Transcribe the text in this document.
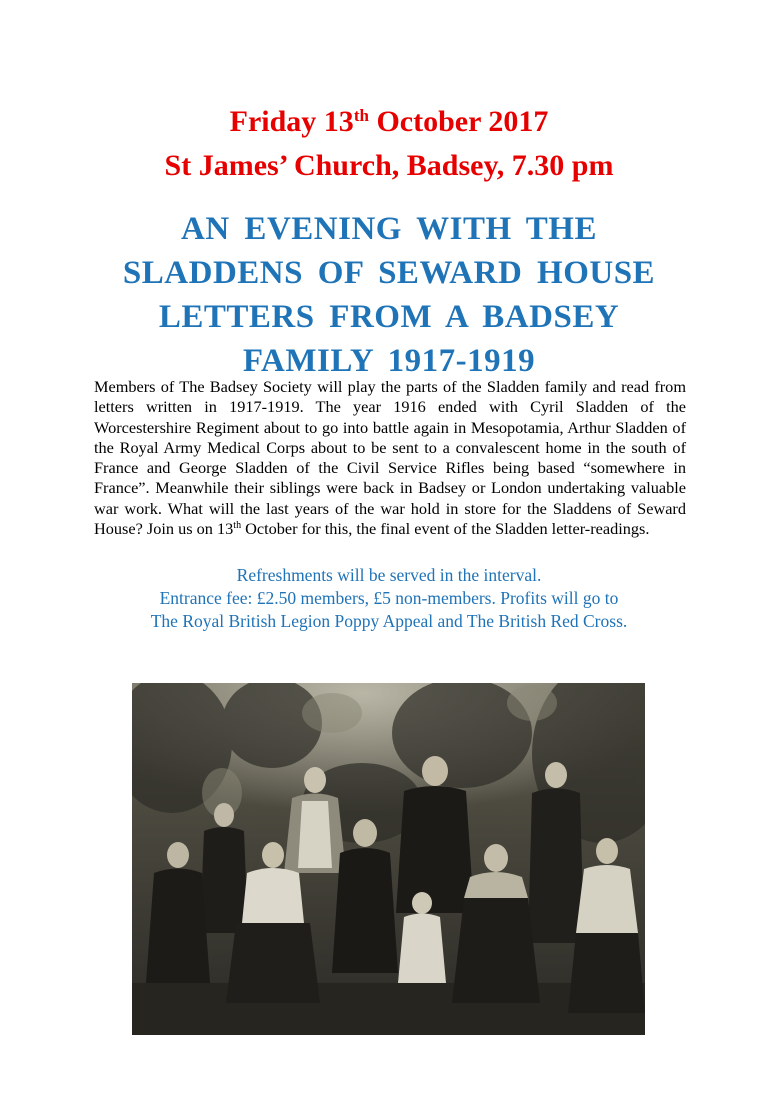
Friday 13th October 2017
St James’ Church, Badsey, 7.30 pm
AN EVENING WITH THE
SLADDENS OF SEWARD HOUSE
LETTERS FROM A BADSEY
FAMILY 1917-1919
Members of The Badsey Society will play the parts of the Sladden family and read from letters written in 1917-1919. The year 1916 ended with Cyril Sladden of the Worcestershire Regiment about to go into battle again in Mesopotamia, Arthur Sladden of the Royal Army Medical Corps about to be sent to a convalescent home in the south of France and George Sladden of the Civil Service Rifles being based “somewhere in France”. Meanwhile their siblings were back in Badsey or London undertaking valuable war work. What will the last years of the war hold in store for the Sladdens of Seward House? Join us on 13th October for this, the final event of the Sladden letter-readings.
Refreshments will be served in the interval.
Entrance fee: £2.50 members, £5 non-members. Profits will go to
The Royal British Legion Poppy Appeal and The British Red Cross.
